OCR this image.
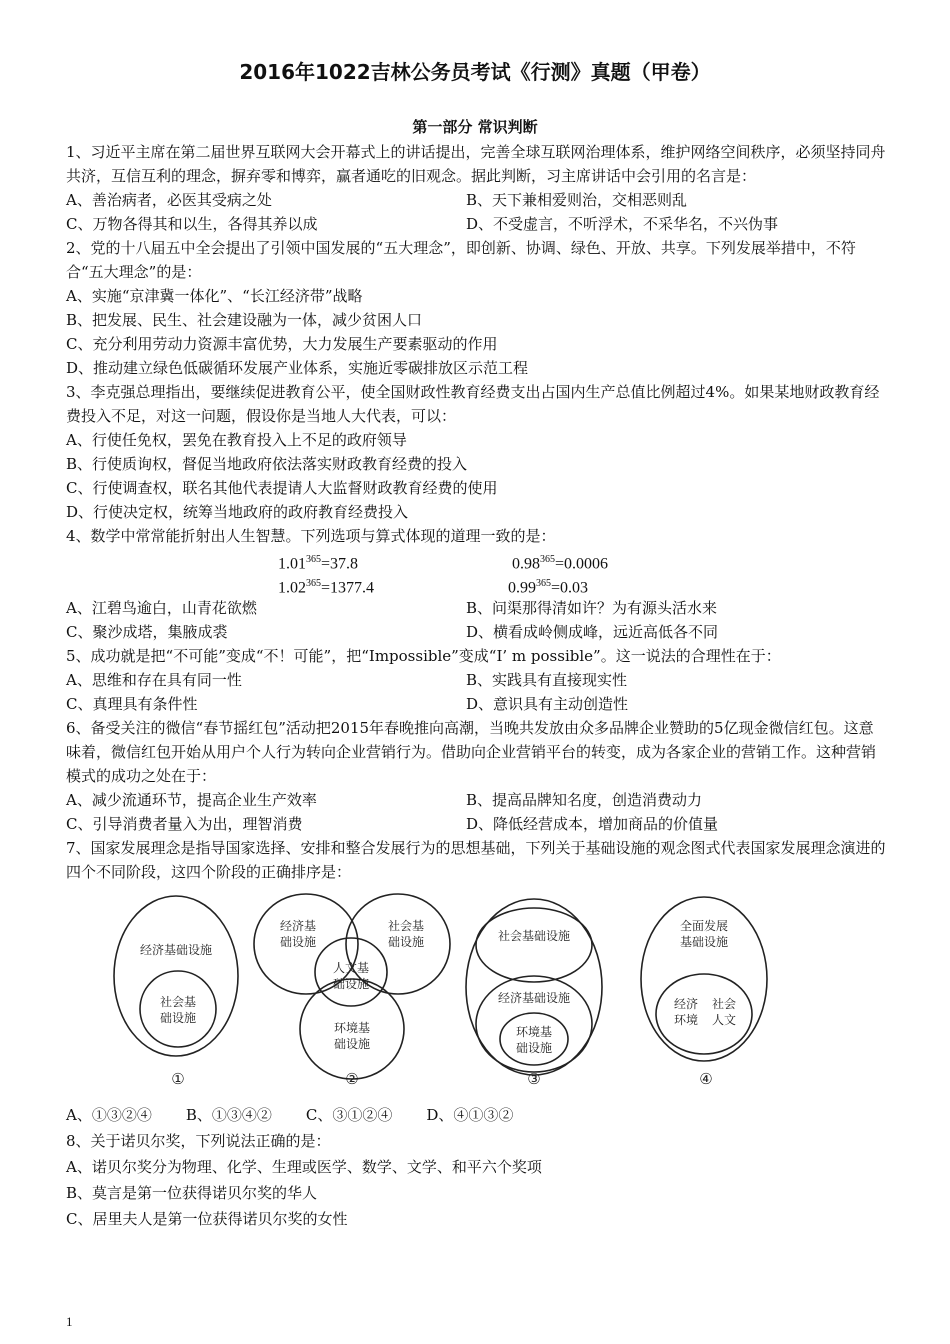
2016年1022吉林公务员考试《行测》真题（甲卷）
第一部分 常识判断

1、习近平主席在第二届世界互联网大会开幕式上的讲话提出，完善全球互联网治理体系，维护网络空间秩序，必须坚持同舟共济，互信互利的理念，摒弃零和博弈，赢者通吃的旧观念。据此判断，习主席讲话中会引用的名言是：

A、善治病者，必医其受病之处	B、天下兼相爱则治，交相恶则乱

C、万物各得其和以生，各得其养以成	D、不受虚言，不听浮术，不采华名，不兴伪事

2、党的十八届五中全会提出了引领中国发展的“五大理念”，即创新、协调、绿色、开放、共享。下列发展举措中，不符合“五大理念”的是：

A、实施“京津冀一体化”、“长江经济带”战略

B、把发展、民生、社会建设融为一体，减少贫困人口

C、充分利用劳动力资源丰富优势，大力发展生产要素驱动的作用

D、推动建立绿色低碳循环发展产业体系，实施近零碳排放区示范工程

3、李克强总理指出，要继续促进教育公平，使全国财政性教育经费支出占国内生产总值比例超过4%。如果某地财政教育经费投入不足，对这一问题，假设你是当地人大代表，可以：

A、行使任免权，罢免在教育投入上不足的政府领导

B、行使质询权，督促当地政府依法落实财政教育经费的投入

C、行使调查权，联名其他代表提请人大监督财政教育经费的使用

D、行使决定权，统筹当地政府的政府教育经费投入

4、数学中常常能折射出人生智慧。下列选项与算式体现的道理一致的是：

$1.01^{365}=37.8$	$0.98^{365}=0.0006$
$1.02^{365}=1377.4$	$0.99^{365}=0.03$

A、江碧鸟逾白，山青花欲燃	B、问渠那得清如许？为有源头活水来

C、聚沙成塔，集腋成裘	D、横看成岭侧成峰，远近高低各不同

5、成功就是把“不可能”变成“不！可能”，把“Impossible”变成“I’ m possible”。这一说法的合理性在于：

A、思维和存在具有同一性	B、实践具有直接现实性

C、真理具有条件性	D、意识具有主动创造性

6、备受关注的微信“春节摇红包”活动把2015年春晚推向高潮，当晚共发放由众多品牌企业赞助的5亿现金微信红包。这意味着，微信红包开始从用户个人行为转向企业营销行为。借助向企业营销平台的转变，成为各家企业的营销工作。这种营销模式的成功之处在于：

A、减少流通环节，提高企业生产效率	B、提高品牌知名度，创造消费动力

C、引导消费者量入为出，理智消费	D、降低经营成本，增加商品的价值量

7、国家发展理念是指导国家选择、安排和整合发展行为的思想基础，下列关于基础设施的观念图式代表国家发展理念演进的四个不同阶段，这四个阶段的正确排序是：

经济基础设施
社会基
础设施
①
经济基
础设施
社会基
础设施
人文基
础设施
环境基
础设施
②
社会基础设施
经济基础设施
环境基
础设施
③
全面发展
基础设施
经济
环境
社会
人文
④

A、①③②④ B、①③④② C、③①②④ D、④①③②

8、关于诺贝尔奖，下列说法正确的是：

A、诺贝尔奖分为物理、化学、生理或医学、数学、文学、和平六个奖项

B、莫言是第一位获得诺贝尔奖的华人

C、居里夫人是第一位获得诺贝尔奖的女性

1
